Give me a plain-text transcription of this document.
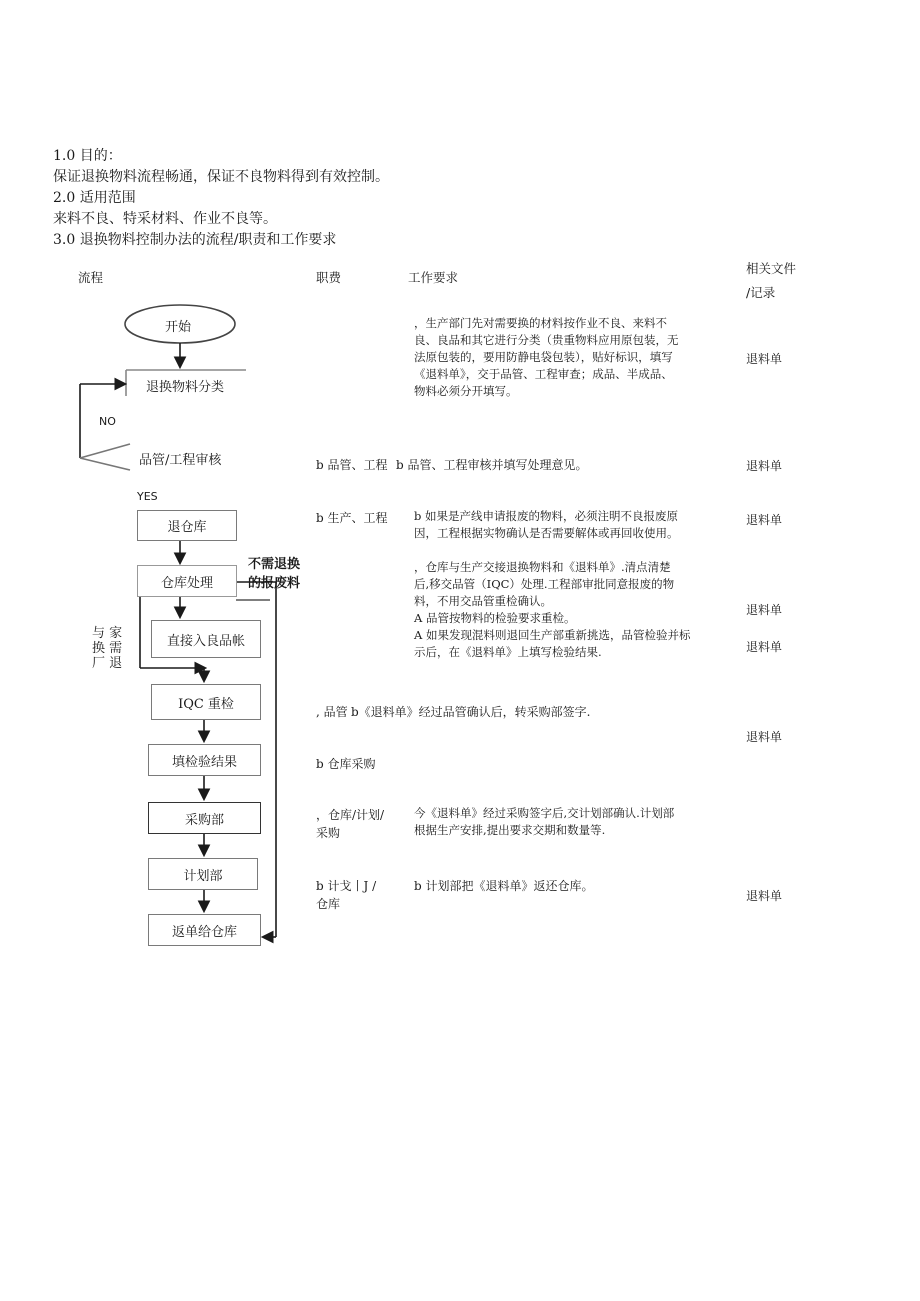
1.0 目的：
保证退换物料流程畅通，保证不良物料得到有效控制。
2.0 适用范围
来料不良、特采材料、作业不良等。
3.0 退换物料控制办法的流程/职责和工作要求
流程	职费	工作要求
相关文件
/记录
开始
退换物料分类
NO
品管/工程审核
YES
退仓库
仓库处理
不需退换
的报废料
直接入良品帐
与 家
换 需
厂 退
IQC 重检
填检验结果
采购部
计划部
返单给仓库
b 品管、工程
b 生产、工程
, 品管
b 仓库采购
，仓库/计划/
采购
b 计戈丨J /
仓库
，生产部门先对需要换的材料按作业不良、来料不
良、良品和其它进行分类（贵重物料应用原包装，无
法原包装的，要用防静电袋包装），贴好标识，填写
《退料单》，交于品管、工程审查；成品、半成品、
物料必须分开填写。
b 品管、工程审核并填写处理意见。
b 如果是产线申请报废的物料，必须注明不良报废原
因，工程根据实物确认是否需要解体或再回收使用。
，仓库与生产交接退换物料和《退料单》.清点清楚
后,移交品管（IQC）处理.工程部审批同意报废的物
料，不用交品管重检确认。
A 品管按物料的检验要求重检。
A 如果发现混料则退回生产部重新挑选，品管检验并标
示后，在《退料单》上填写检验结果.
b《退料单》经过品管确认后，转采购部签字.
今《退料单》经过采购签字后,交计划部确认.计划部
根据生产安排,提出要求交期和数量等.
b 计划部把《退料单》返还仓库。
退料单
退料单
退料单
退料单
退料单
退料单
退料单
